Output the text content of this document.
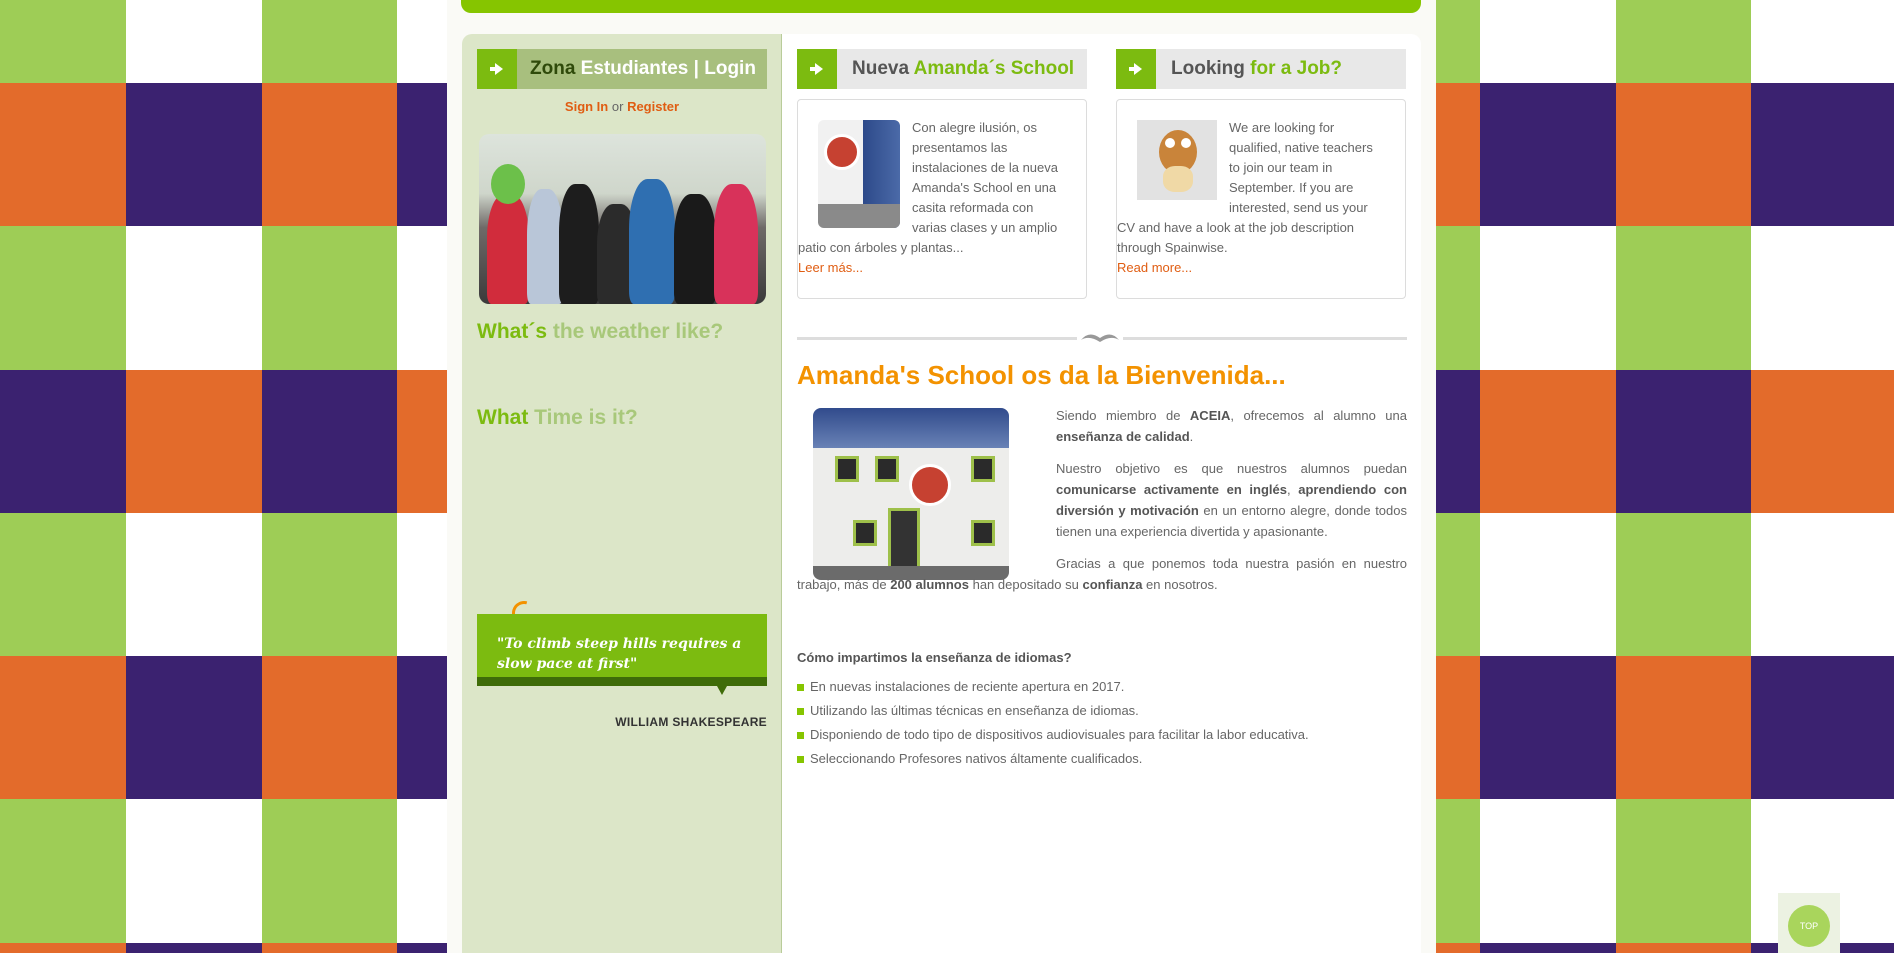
Zona Estudiantes | Login
Sign In or Register
What´s the weather like?
What Time is it?
"To climb steep hills requires a slow pace at first"
WILLIAM SHAKESPEARE
Nueva Amanda´s School
Con alegre ilusión, os presentamos las instalaciones de la nueva Amanda's School en una casita reformada con varias clases y un amplio patio con árboles y plantas...
Leer más...
Looking for a Job?
We are looking for qualified, native teachers to join our team in September. If you are interested, send us your CV and have a look at the job description through Spainwise.
Read more...
Amanda's School os da la Bienvenida...
Siendo miembro de ACEIA, ofrecemos al alumno una enseñanza de calidad.
Nuestro objetivo es que nuestros alumnos puedan comunicarse activamente en inglés, aprendiendo con diversión y motivación en un entorno alegre, donde todos tienen una experiencia divertida y apasionante.
Gracias a que ponemos toda nuestra pasión en nuestro trabajo, más de 200 alumnos han depositado su confianza en nosotros.
Cómo impartimos la enseñanza de idiomas?
En nuevas instalaciones de reciente apertura en 2017.
Utilizando las últimas técnicas en enseñanza de idiomas.
Disponiendo de todo tipo de dispositivos audiovisuales para facilitar la labor educativa.
Seleccionando Profesores nativos áltamente cualificados.
TOP
